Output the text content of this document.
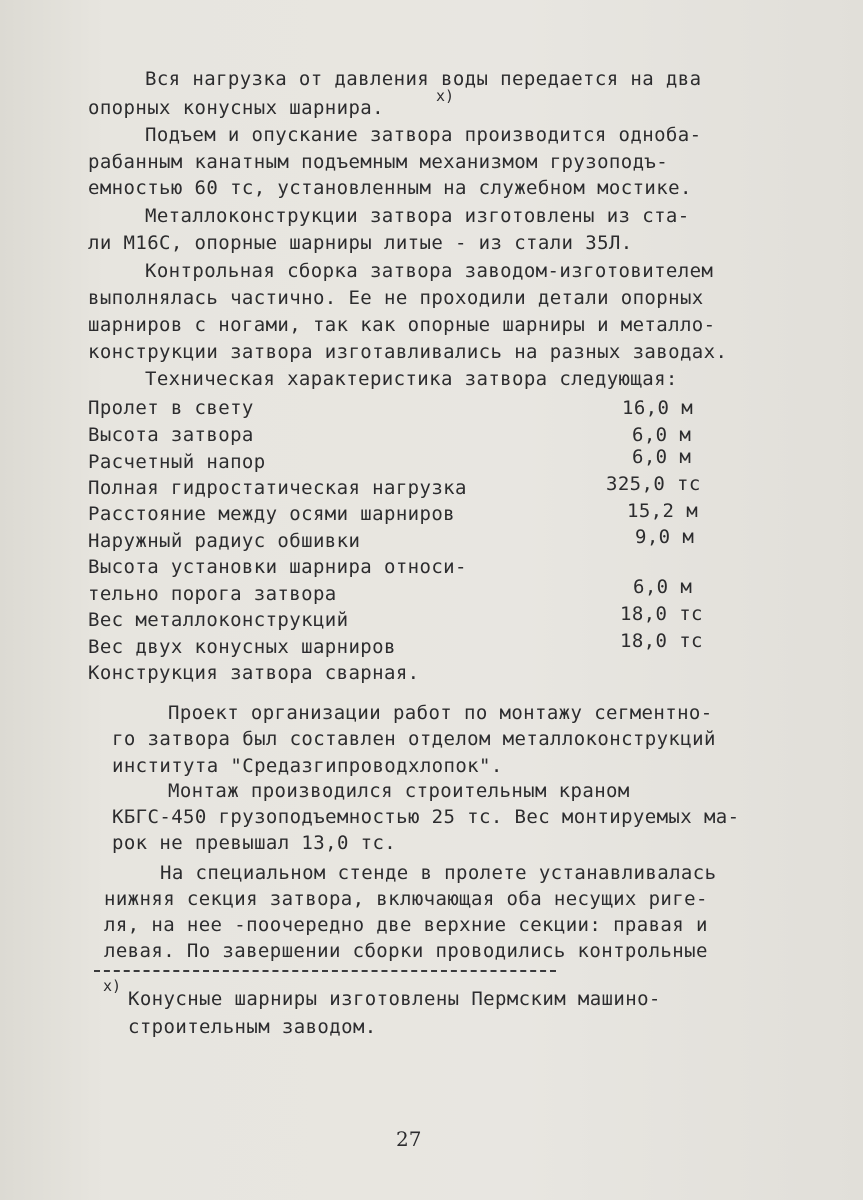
Вся нагрузка от давления воды передается на два
х)
опорных конусных шарнира.
Подъем и опускание затвора производится одноба-
рабанным канатным подъемным механизмом грузоподъ-
емностью 60 тс, установленным на служебном мостике.
Металлоконструкции затвора изготовлены из ста-
ли М16С, опорные шарниры литые - из стали 35Л.
Контрольная сборка затвора заводом-изготовителем
выполнялась частично. Ее не проходили детали опорных
шарниров с ногами, так как опорные шарниры и металло-
конструкции затвора изготавливались на разных заводах.
Техническая характеристика затвора следующая:
Пролет в свету	16,0 м
Высота затвора	6,0 м
Расчетный напор	6,0 м
Полная гидростатическая нагрузка	325,0 тс
Расстояние между осями шарниров	15,2 м
Наружный радиус обшивки	9,0 м
Высота установки шарнира относи-
тельно порога затвора	6,0 м
Вес металлоконструкций	18,0 тс
Вес двух конусных шарниров	18,0 тс
Конструкция затвора сварная.
Проект организации работ по монтажу сегментно-
го затвора был составлен отделом металлоконструкций
института "Средазгипроводхлопок".
Монтаж производился строительным краном
КБГС-450 грузоподъемностью 25 тс. Вес монтируемых ма-
рок не превышал 13,0 тс.
На специальном стенде в пролете устанавливалась
нижняя секция затвора, включающая оба несущих риге-
ля, на нее -поочередно две верхние секции: правая и
левая. По завершении сборки проводились контрольные
х)
Конусные шарниры изготовлены Пермским машино-
строительным заводом.
27
